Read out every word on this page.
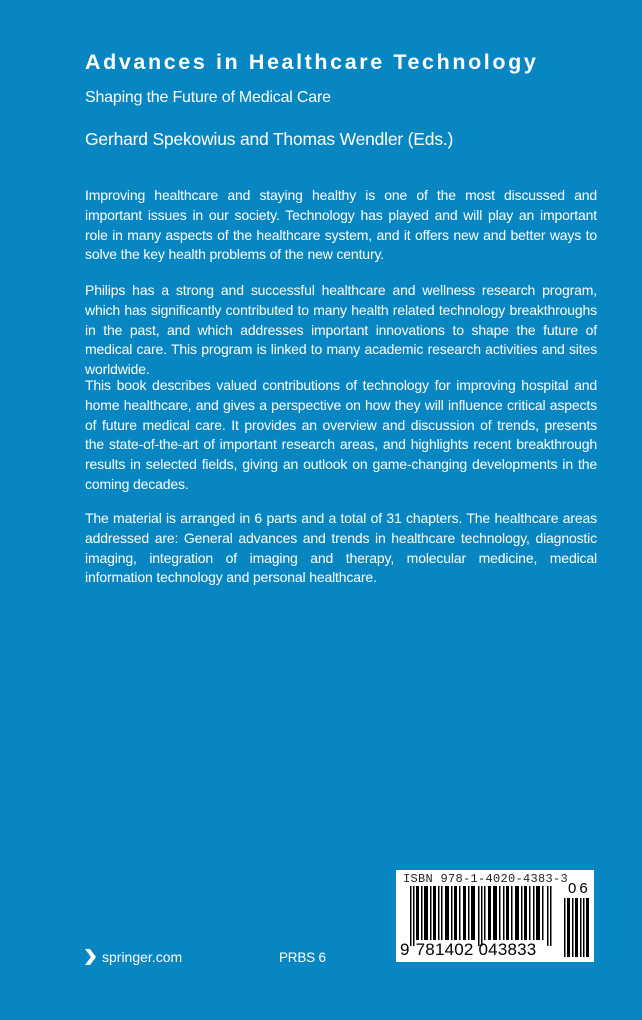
Advances in Healthcare Technology
Shaping the Future of Medical Care
Gerhard Spekowius and Thomas Wendler (Eds.)

Improving healthcare and staying healthy is one of the most discussed and important issues in our society. Technology has played and will play an important role in many aspects of the healthcare system, and it offers new and better ways to solve the key health problems of the new century.

Philips has a strong and successful healthcare and wellness research program, which has significantly contributed to many health related technology breakthroughs in the past, and which addresses important innovations to shape the future of medical care. This program is linked to many academic research activities and sites worldwide.

This book describes valued contributions of technology for improving hospital and home healthcare, and gives a perspective on how they will influence critical aspects of future medical care. It provides an overview and discussion of trends, presents the state-of-the-art of important research areas, and highlights recent breakthrough results in selected fields, giving an outlook on game-changing developments in the coming decades.

The material is arranged in 6 parts and a total of 31 chapters. The healthcare areas addressed are: General advances and trends in healthcare technology, diagnostic imaging, integration of imaging and therapy, molecular medicine, medical information technology and personal healthcare.

springer.com	PRBS 6
ISBN 978-1-4020-4383-3
06
9 781402 043833
